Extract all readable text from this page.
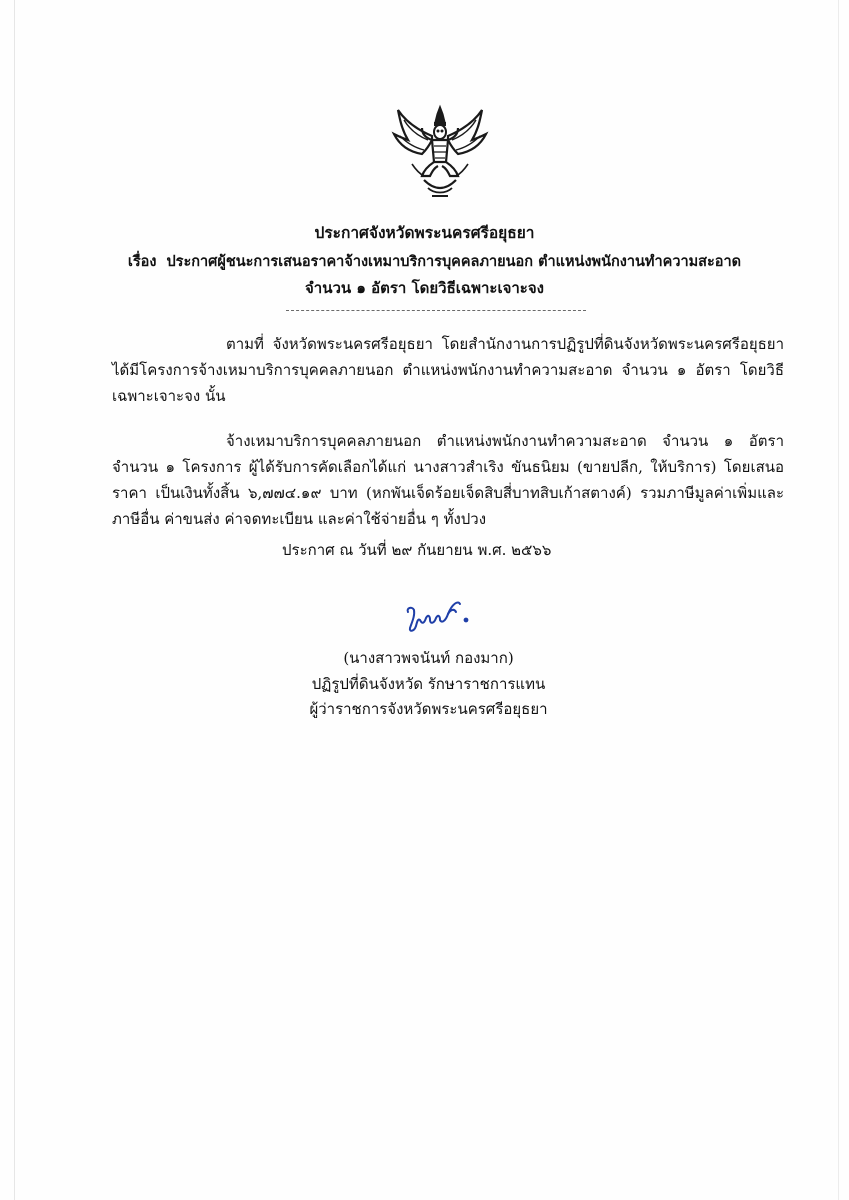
ประกาศจังหวัดพระนครศรีอยุธยา
เรื่อง ประกาศผู้ชนะการเสนอราคาจ้างเหมาบริการบุคคลภายนอก ตำแหน่งพนักงานทำความสะอาด
จำนวน ๑ อัตรา โดยวิธีเฉพาะเจาะจง
ตามที่ จังหวัดพระนครศรีอยุธยา โดยสำนักงานการปฏิรูปที่ดินจังหวัดพระนครศรีอยุธยา ได้มีโครงการจ้างเหมาบริการบุคคลภายนอก ตำแหน่งพนักงานทำความสะอาด จำนวน ๑ อัตรา โดยวิธีเฉพาะเจาะจง นั้น
จ้างเหมาบริการบุคคลภายนอก ตำแหน่งพนักงานทำความสะอาด จำนวน ๑ อัตรา จำนวน ๑ โครงการ ผู้ได้รับการคัดเลือกได้แก่ นางสาวสำเริง ขันธนิยม (ขายปลีก, ให้บริการ) โดยเสนอราคา เป็นเงินทั้งสิ้น ๖,๗๗๔.๑๙ บาท (หกพันเจ็ดร้อยเจ็ดสิบสี่บาทสิบเก้าสตางค์) รวมภาษีมูลค่าเพิ่มและภาษีอื่น ค่าขนส่ง ค่าจดทะเบียน และค่าใช้จ่ายอื่น ๆ ทั้งปวง
ประกาศ ณ วันที่ ๒๙ กันยายน พ.ศ. ๒๕๖๖
(นางสาวพจนันท์ กองมาก)
ปฏิรูปที่ดินจังหวัด รักษาราชการแทน
ผู้ว่าราชการจังหวัดพระนครศรีอยุธยา
